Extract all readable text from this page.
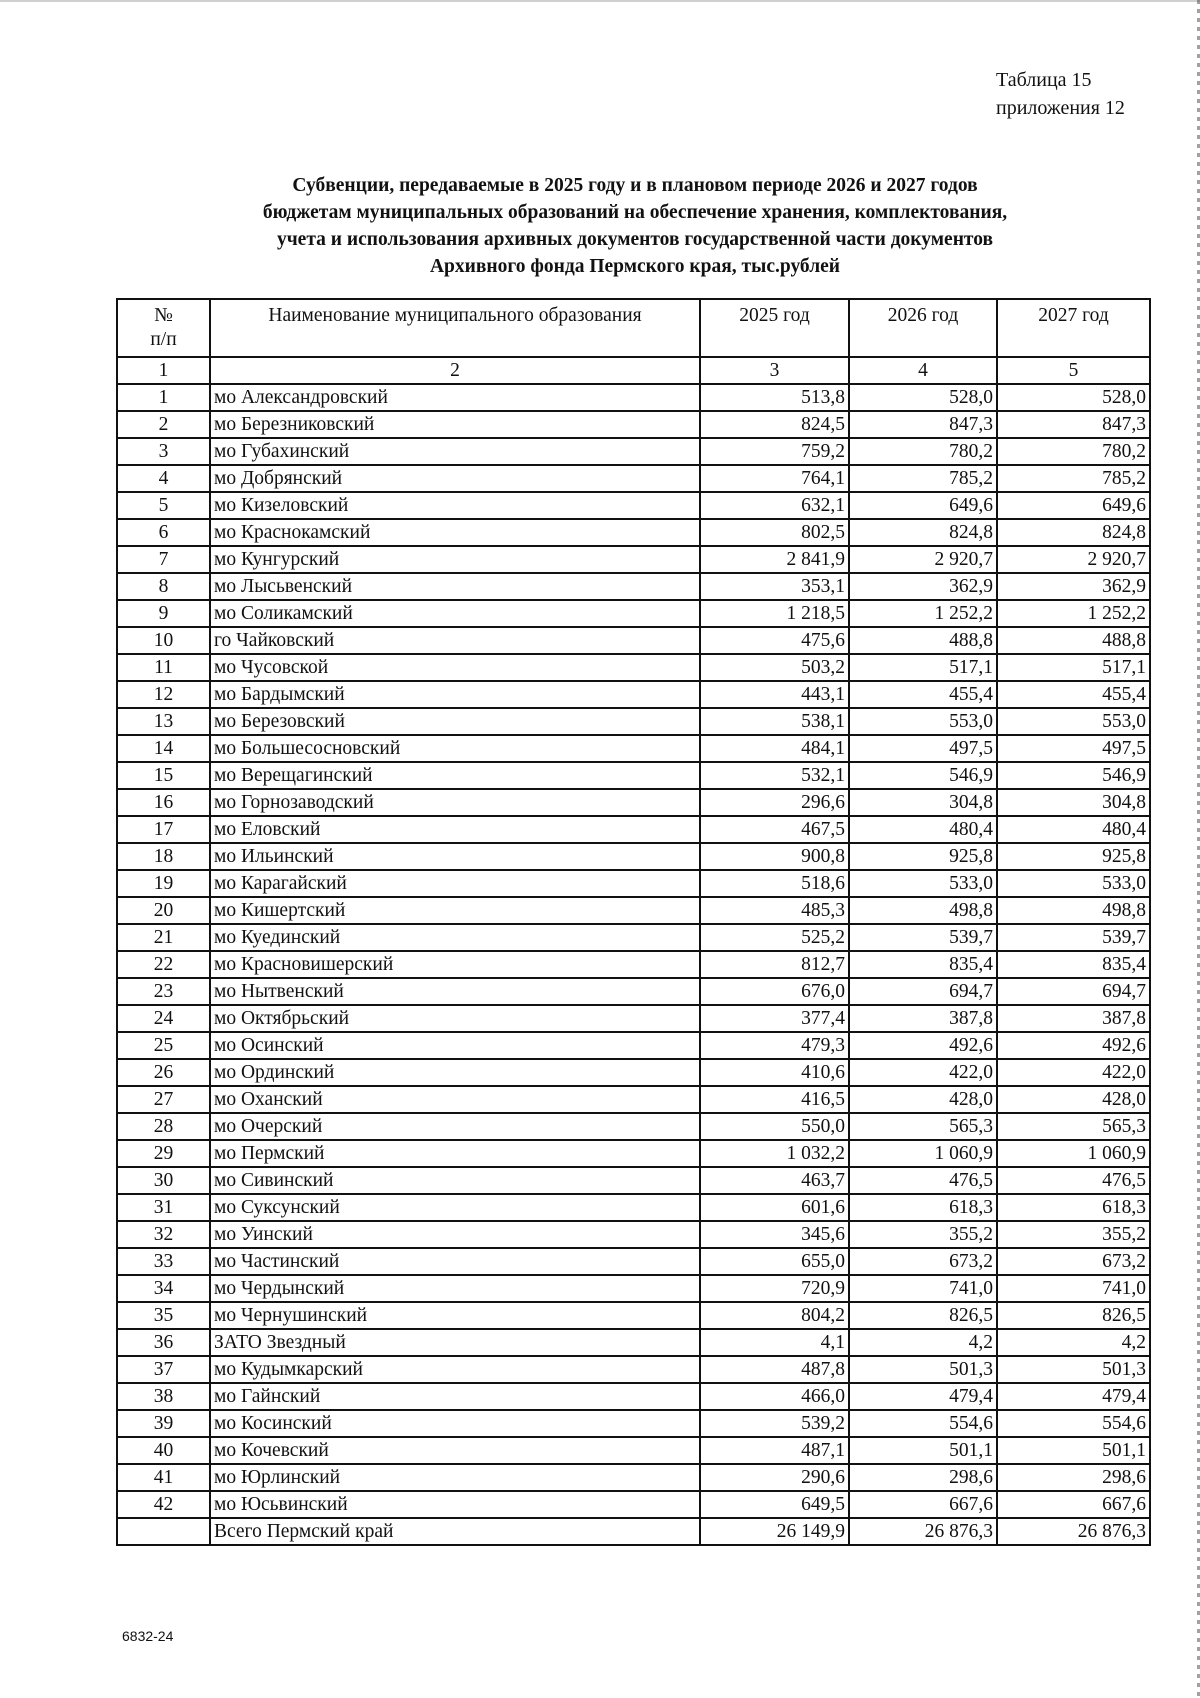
Таблица 15
приложения 12
Субвенции, передаваемые в 2025 году и в плановом периоде 2026 и 2027 годов
бюджетам муниципальных образований на обеспечение хранения, комплектования,
учета и использования архивных документов государственной части документов
Архивного фонда Пермского края, тыс.рублей
№
п/п	Наименование муниципального образования	2025 год	2026 год	2027 год
1	2	3	4	5
1	мо Александровский	513,8	528,0	528,0
2	мо Березниковский	824,5	847,3	847,3
3	мо Губахинский	759,2	780,2	780,2
4	мо Добрянский	764,1	785,2	785,2
5	мо Кизеловский	632,1	649,6	649,6
6	мо Краснокамский	802,5	824,8	824,8
7	мо Кунгурский	2 841,9	2 920,7	2 920,7
8	мо Лысьвенский	353,1	362,9	362,9
9	мо Соликамский	1 218,5	1 252,2	1 252,2
10	го Чайковский	475,6	488,8	488,8
11	мо Чусовской	503,2	517,1	517,1
12	мо Бардымский	443,1	455,4	455,4
13	мо Березовский	538,1	553,0	553,0
14	мо Большесосновский	484,1	497,5	497,5
15	мо Верещагинский	532,1	546,9	546,9
16	мо Горнозаводский	296,6	304,8	304,8
17	мо Еловский	467,5	480,4	480,4
18	мо Ильинский	900,8	925,8	925,8
19	мо Карагайский	518,6	533,0	533,0
20	мо Кишертский	485,3	498,8	498,8
21	мо Куединский	525,2	539,7	539,7
22	мо Красновишерский	812,7	835,4	835,4
23	мо Нытвенский	676,0	694,7	694,7
24	мо Октябрьский	377,4	387,8	387,8
25	мо Осинский	479,3	492,6	492,6
26	мо Ординский	410,6	422,0	422,0
27	мо Оханский	416,5	428,0	428,0
28	мо Очерский	550,0	565,3	565,3
29	мо Пермский	1 032,2	1 060,9	1 060,9
30	мо Сивинский	463,7	476,5	476,5
31	мо Суксунский	601,6	618,3	618,3
32	мо Уинский	345,6	355,2	355,2
33	мо Частинский	655,0	673,2	673,2
34	мо Чердынский	720,9	741,0	741,0
35	мо Чернушинский	804,2	826,5	826,5
36	ЗАТО Звездный	4,1	4,2	4,2
37	мо Кудымкарский	487,8	501,3	501,3
38	мо Гайнский	466,0	479,4	479,4
39	мо Косинский	539,2	554,6	554,6
40	мо Кочевский	487,1	501,1	501,1
41	мо Юрлинский	290,6	298,6	298,6
42	мо Юсьвинский	649,5	667,6	667,6
	Всего Пермский край	26 149,9	26 876,3	26 876,3
6832-24
